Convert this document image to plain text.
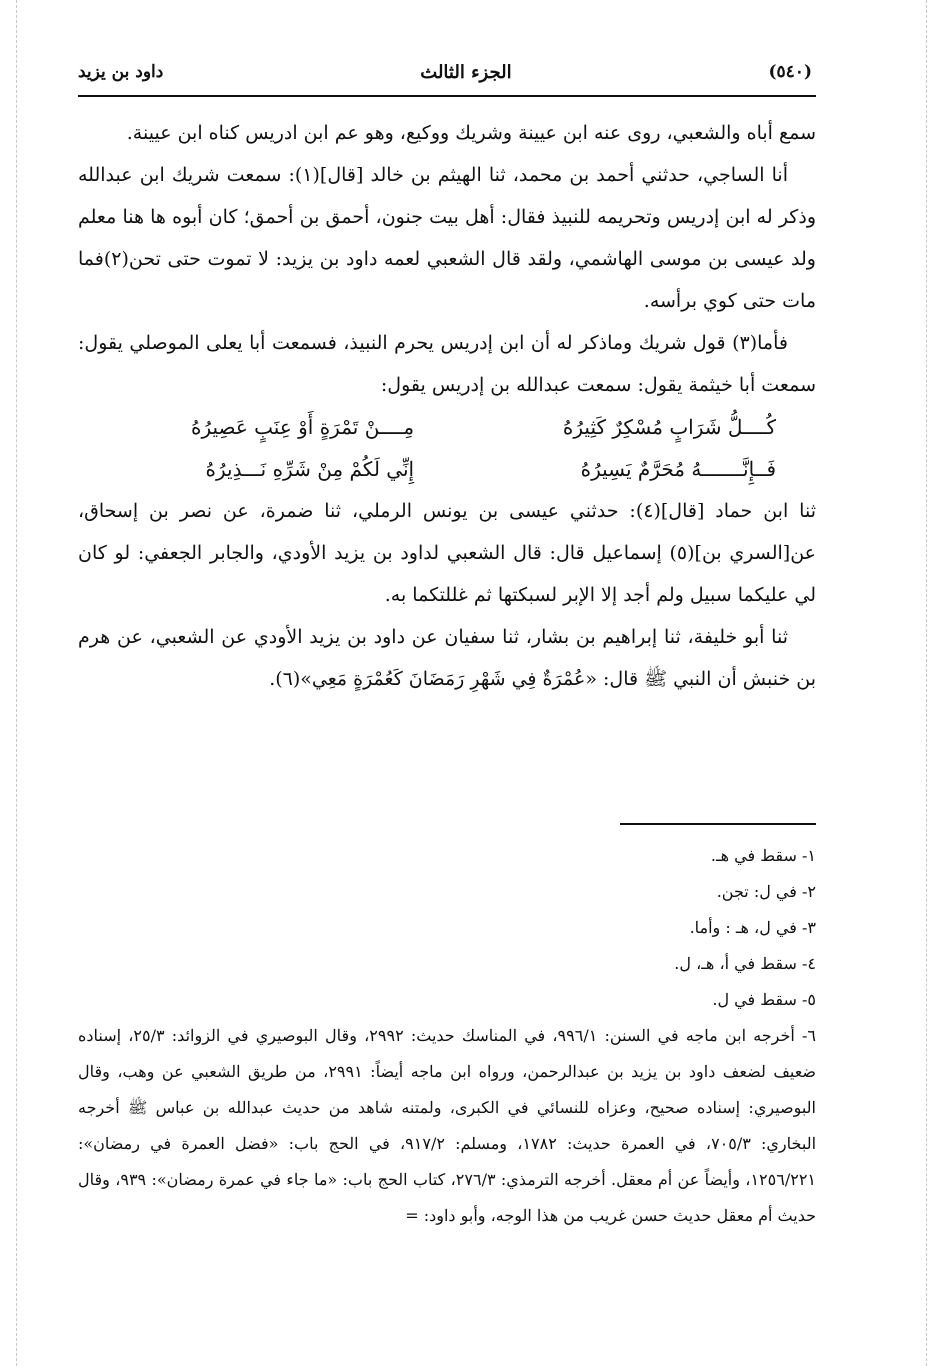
(٥٤٠)
الجزء الثالث
داود بن يزيد

سمع أباه والشعبي، روى عنه ابن عيينة وشريك ووكيع، وهو عم ابن ادريس كناه ابن عيينة.

أنا الساجي، حدثني أحمد بن محمد، ثنا الهيثم بن خالد [قال](١): سمعت شريك ابن عبدالله وذكر له ابن إدريس وتحريمه للنبيذ فقال: أهل بيت جنون، أحمق بن أحمق؛ كان أبوه ها هنا معلم ولد عيسى بن موسى الهاشمي، ولقد قال الشعبي لعمه داود بن يزيد: لا تموت حتى تحن(٢)فما مات حتى كوي برأسه.

فأما(٣) قول شريك وماذكر له أن ابن إدريس يحرم النبيذ، فسمعت أبا يعلى الموصلي يقول: سمعت أبا خيثمة يقول: سمعت عبدالله بن إدريس يقول:

كُــــلُّ شَرَابٍ مُسْكِرٌ كَثِيرُهُ
مِــــنْ تَمْرَةٍ أَوْ عِنَبٍ عَصِيرُهُ
فَــإِنَّـــــــهُ مُحَرَّمٌ يَسِيرُهُ
إِنِّي لَكُمْ مِنْ شَرِّهِ نَـــذِيرُهُ

ثنا ابن حماد [قال](٤): حدثني عيسى بن يونس الرملي، ثنا ضمرة، عن نصر بن إسحاق، عن[السري بن](٥) إسماعيل قال: قال الشعبي لداود بن يزيد الأودي، والجابر الجعفي: لو كان لي عليكما سبيل ولم أجد إلا الإبر لسبكتها ثم غللتكما به.

ثنا أبو خليفة، ثنا إبراهيم بن بشار، ثنا سفيان عن داود بن يزيد الأودي عن الشعبي، عن هرم بن خنبش أن النبي ﷺ قال: «عُمْرَةٌ فِي شَهْرِ رَمَضَانَ كَعُمْرَةٍ مَعِي»(٦).

١- سقط في هـ.

٢- في ل: تجن.

٣- في ل، هـ : وأما.

٤- سقط في أ، هـ، ل.

٥- سقط في ل.

٦- أخرجه ابن ماجه في السنن: ٩٩٦/١، في المناسك حديث: ٢٩٩٢، وقال البوصيري في الزوائد: ٢٥/٣، إسناده ضعيف لضعف داود بن يزيد بن عبدالرحمن، ورواه ابن ماجه أيضاً: ٢٩٩١، من طريق الشعبي عن وهب، وقال البوصيري: إسناده صحيح، وعزاه للنسائي في الكبرى، ولمتنه شاهد من حديث عبدالله بن عباس ﷺ أخرجه البخاري: ٧٠٥/٣، في العمرة حديث: ١٧٨٢، ومسلم: ٩١٧/٢، في الحج باب: «فضل العمرة في رمضان»: ١٢٥٦/٢٢١، وأيضاً عن أم معقل. أخرجه الترمذي: ٢٧٦/٣، كتاب الحج باب: «ما جاء في عمرة رمضان»: ٩٣٩، وقال حديث أم معقل حديث حسن غريب من هذا الوجه، وأبو داود: =
